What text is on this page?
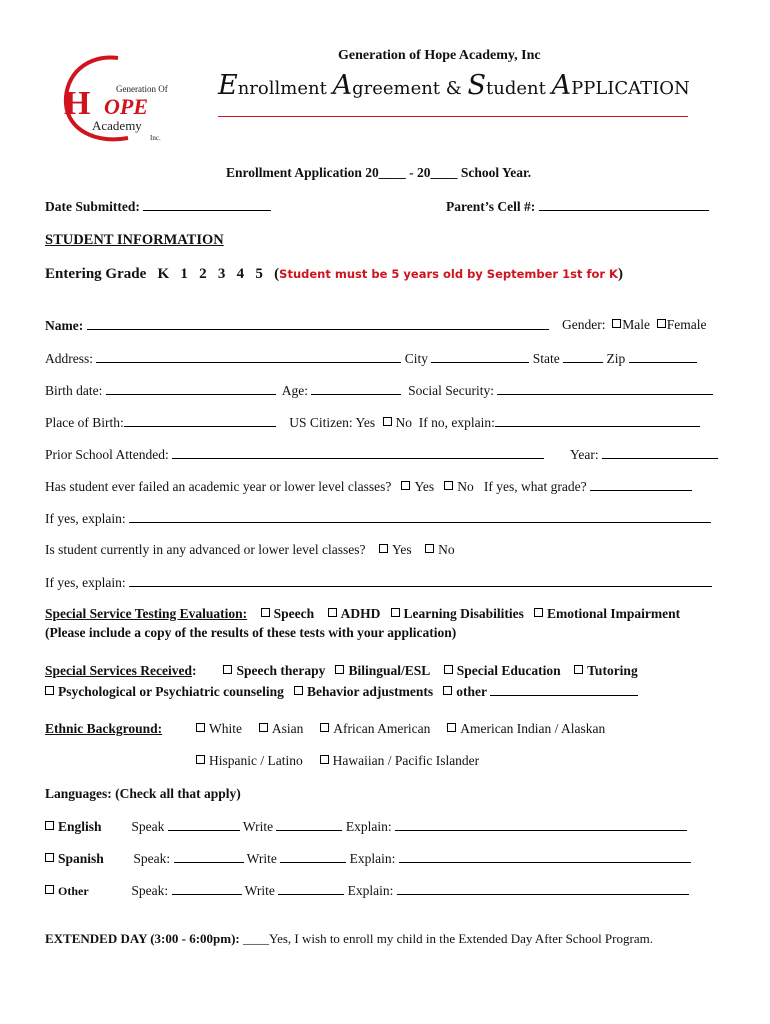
Generation Of
H OPE
Academy
Inc.
Generation of Hope Academy, Inc
Enrollment Agreement & Student APPLICATION
Enrollment Application 20____ - 20____ School Year.
Date Submitted:	Parent’s Cell #:
STUDENT INFORMATION
Entering Grade   K   1   2   3   4   5 (Student must be 5 years old by September 1st for K)
Name:	Gender: Male Female
Address:	City	State	Zip
Birth date:	Age:	Social Security:
Place of Birth:	US Citizen: Yes No If no, explain:
Prior School Attended:	Year:
Has student ever failed an academic year or lower level classes? Yes No If yes, what grade?
If yes, explain:
Is student currently in any advanced or lower level classes? Yes No
If yes, explain:
Special Service Testing Evaluation: Speech ADHD Learning Disabilities Emotional Impairment
(Please include a copy of the results of these tests with your application)
Special Services Received:	Speech therapy Bilingual/ESL Special Education Tutoring
Psychological or Psychiatric counseling Behavior adjustments other
Ethnic Background:	White Asian African American American Indian / Alaskan
Hispanic / Latino Hawaiian / Pacific Islander
Languages: (Check all that apply)
English Speak	Write	Explain:
Spanish Speak:	Write	Explain:
Other	Speak:	Write	Explain:
EXTENDED DAY (3:00 - 6:00pm): ____Yes, I wish to enroll my child in the Extended Day After School Program.
